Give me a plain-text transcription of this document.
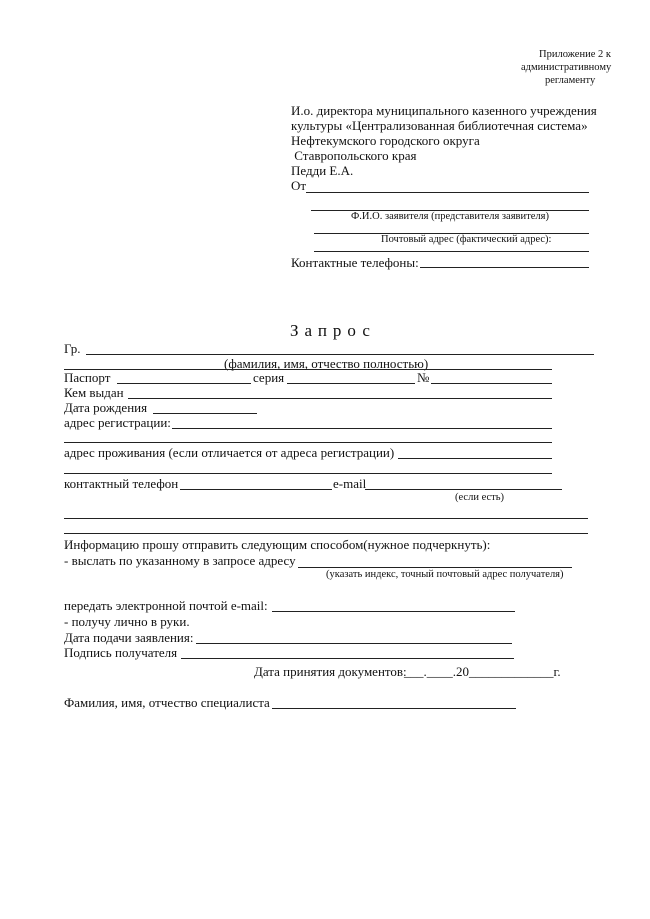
Приложение 2 к
административному
регламенту
И.о. директора муниципального казенного учреждения
культуры «Централизованная библиотечная система»
Нефтекумского городского округа
Ставропольского края
Педди Е.А.
От
Ф.И.О. заявителя (представителя заявителя)
Почтовый адрес (фактический адрес):
Контактные телефоны:
Запрос
Гр.
(фамилия, имя, отчество полностью)
Паспорт	серия	№
Кем выдан
Дата рождения
адрес регистрации:
адрес проживания (если отличается от адреса регистрации)
контактный телефон	e-mail
(если есть)
Информацию прошу отправить следующим способом(нужное подчеркнуть):
- выслать по указанному в запросе адресу
(указать индекс, точный почтовый адрес получателя)
передать электронной почтой e-mail:
- получу лично в руки.
Дата подачи заявления:
Подпись получателя
Дата принятия документов:
___.____.20_____________г.
Фамилия, имя, отчество специалиста
